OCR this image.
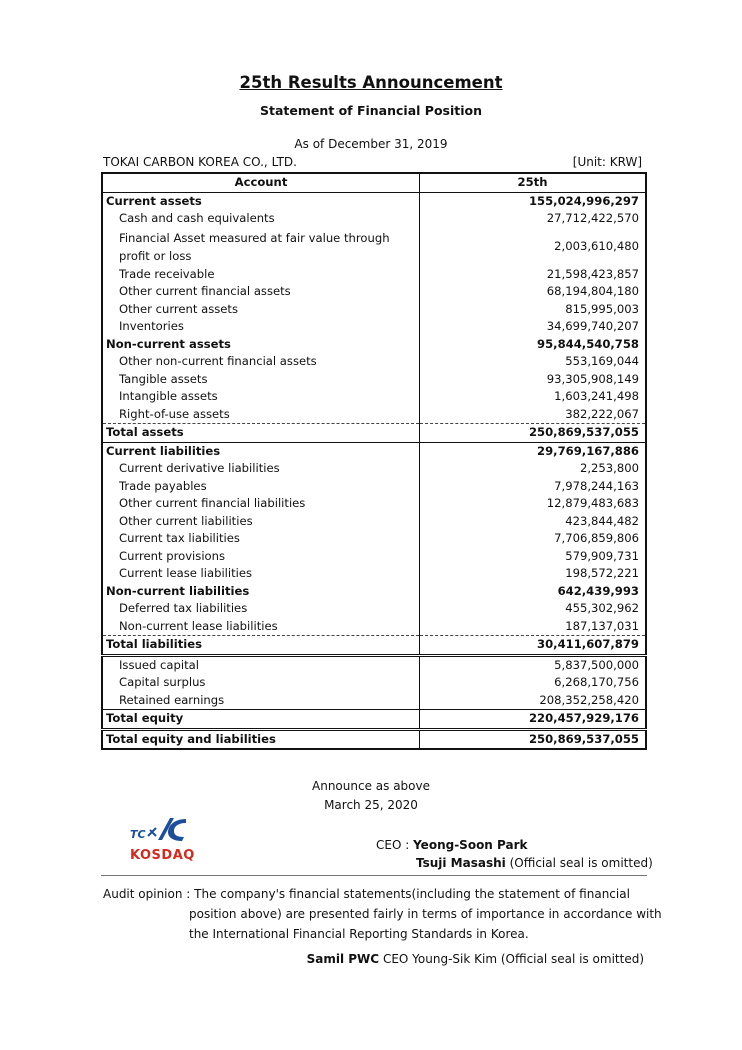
25th Results Announcement
Statement of Financial Position
As of December 31, 2019
TOKAI CARBON KOREA CO., LTD.	[Unit: KRW]
Account	25th
Current assets	155,024,996,297
Cash and cash equivalents	27,712,422,570
Financial Asset measured at fair value through profit or loss	2,003,610,480
Trade receivable	21,598,423,857
Other current financial assets	68,194,804,180
Other current assets	815,995,003
Inventories	34,699,740,207
Non-current assets	95,844,540,758
Other non-current financial assets	553,169,044
Tangible assets	93,305,908,149
Intangible assets	1,603,241,498
Right-of-use assets	382,222,067
Total assets	250,869,537,055
Current liabilities	29,769,167,886
Current derivative liabilities	2,253,800
Trade payables	7,978,244,163
Other current financial liabilities	12,879,483,683
Other current liabilities	423,844,482
Current tax liabilities	7,706,859,806
Current provisions	579,909,731
Current lease liabilities	198,572,221
Non-current liabilities	642,439,993
Deferred tax liabilities	455,302,962
Non-current lease liabilities	187,137,031
Total liabilities	30,411,607,879
Issued capital	5,837,500,000
Capital surplus	6,268,170,756
Retained earnings	208,352,258,420
Total equity	220,457,929,176
Total equity and liabilities	250,869,537,055
Announce as above
March 25, 2020
TC
KOSDAQ
CEO : Yeong-Soon Park
Tsuji Masashi (Official seal is omitted)
Audit opinion : The company's financial statements(including the statement of financial
position above) are presented fairly in terms of importance in accordance with
the International Financial Reporting Standards in Korea.
Samil PWC CEO Young-Sik Kim (Official seal is omitted)
